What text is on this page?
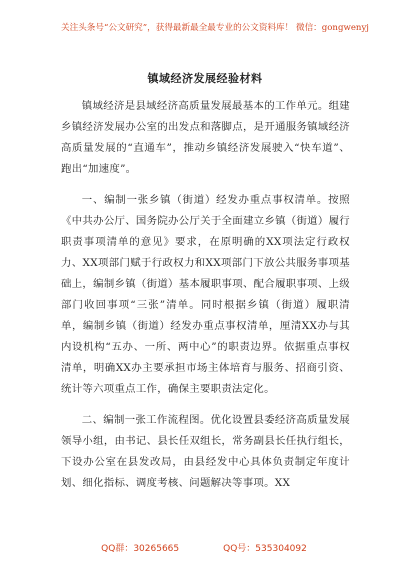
关注头条号“公文研究”，获得最新最全最专业的公文资料库！ 微信：gongwenyj
镇域经济发展经验材料

镇域经济是县域经济高质量发展最基本的工作单元。组建乡镇经济发展办公室的出发点和落脚点，是开通服务镇域经济高质量发展的“直通车”，推动乡镇经济发展驶入“快车道”、跑出“加速度”。

一、编制一张乡镇（街道）经发办重点事权清单。按照《中共办公厅、国务院办公厅关于全面建立乡镇（街道）履行职责事项清单的意见》要求，在原明确的XX项法定行政权力、XX项部门赋于行政权力和XX项部门下放公共服务事项基础上，编制乡镇（街道）基本履职事项、配合履职事项、上级部门收回事项“三张”清单。同时根据乡镇（街道）履职清单，编制乡镇（街道）经发办重点事权清单，厘清XX办与其内设机构“五办、一所、两中心”的职责边界。依据重点事权清单，明确XX办主要承担市场主体培育与服务、招商引资、统计等六项重点工作，确保主要职责法定化。

二、编制一张工作流程图。优化设置县委经济高质量发展领导小组，由书记、县长任双组长，常务副县长任执行组长，下设办公室在县发改局，由县经发中心具体负责制定年度计划、细化指标、调度考核、问题解决等事项。XX

QQ群：30265665	QQ号：535304092
